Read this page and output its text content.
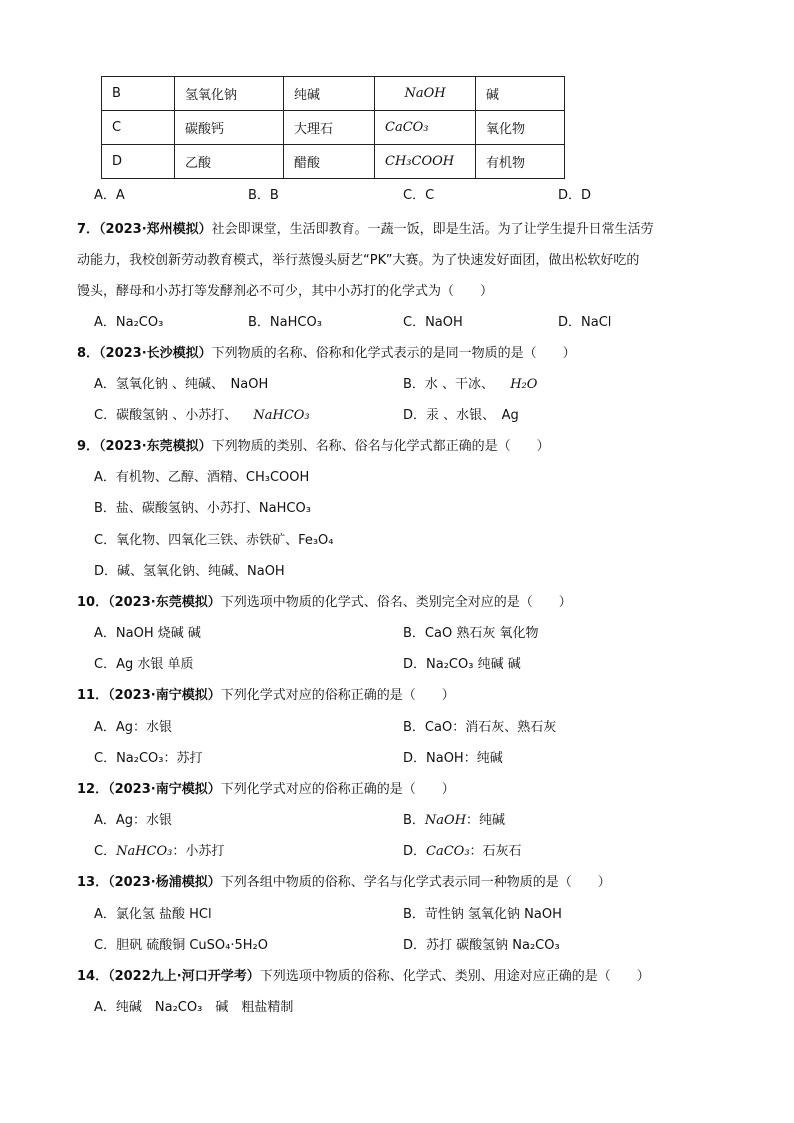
B	氢氧化钠	纯碱	NaOH	碱
C	碳酸钙	大理石	CaCO₃	氧化物
D	乙酸	醋酸	CH₃COOH	有机物
A．A	B．B	C．C	D．D
7．（2023·郑州模拟）社会即课堂，生活即教育。一蔬一饭，即是生活。为了让学生提升日常生活劳
动能力，我校创新劳动教育模式，举行蒸馒头厨艺“PK”大赛。为了快速发好面团，做出松软好吃的
馒头，酵母和小苏打等发酵剂必不可少，其中小苏打的化学式为（　　）
A．Na₂CO₃	B．NaHCO₃	C．NaOH	D．NaCl
8．（2023·长沙模拟）下列物质的名称、俗称和化学式表示的是同一物质的是（　　）
A．氢氧化钠 、纯碱、　NaOH	B．水 、干冰、 H₂O
C．碳酸氢钠 、小苏打、 NaHCO₃	D．汞 、水银、　Ag
9．（2023·东莞模拟）下列物质的类别、名称、俗名与化学式都正确的是（　　）
A．有机物、乙醇、酒精、CH₃COOH
B．盐、碳酸氢钠、小苏打、NaHCO₃
C．氧化物、四氧化三铁、赤铁矿、Fe₃O₄
D．碱、氢氧化钠、纯碱、NaOH
10．（2023·东莞模拟）下列选项中物质的化学式、俗名、类别完全对应的是（　　）
A．NaOH 烧碱 碱	B．CaO 熟石灰 氧化物
C．Ag 水银 单质	D．Na₂CO₃ 纯碱 碱
11．（2023·南宁模拟）下列化学式对应的俗称正确的是（　　）
A．Ag：水银	B．CaO：消石灰、熟石灰
C．Na₂CO₃：苏打	D．NaOH：纯碱
12．（2023·南宁模拟）下列化学式对应的俗称正确的是（　　）
A．Ag：水银	B．NaOH：纯碱
C．NaHCO₃：小苏打	D．CaCO₃：石灰石
13．（2023·杨浦模拟）下列各组中物质的俗称、学名与化学式表示同一种物质的是（　　）
A．氯化氢 盐酸 HCl	B．苛性钠 氢氧化钠 NaOH
C．胆矾 硫酸铜 CuSO₄·5H₂O	D．苏打 碳酸氢钠 Na₂CO₃
14．（2022九上·河口开学考）下列选项中物质的俗称、化学式、类别、用途对应正确的是（　　）
A．纯碱　Na₂CO₃　碱　粗盐精制
